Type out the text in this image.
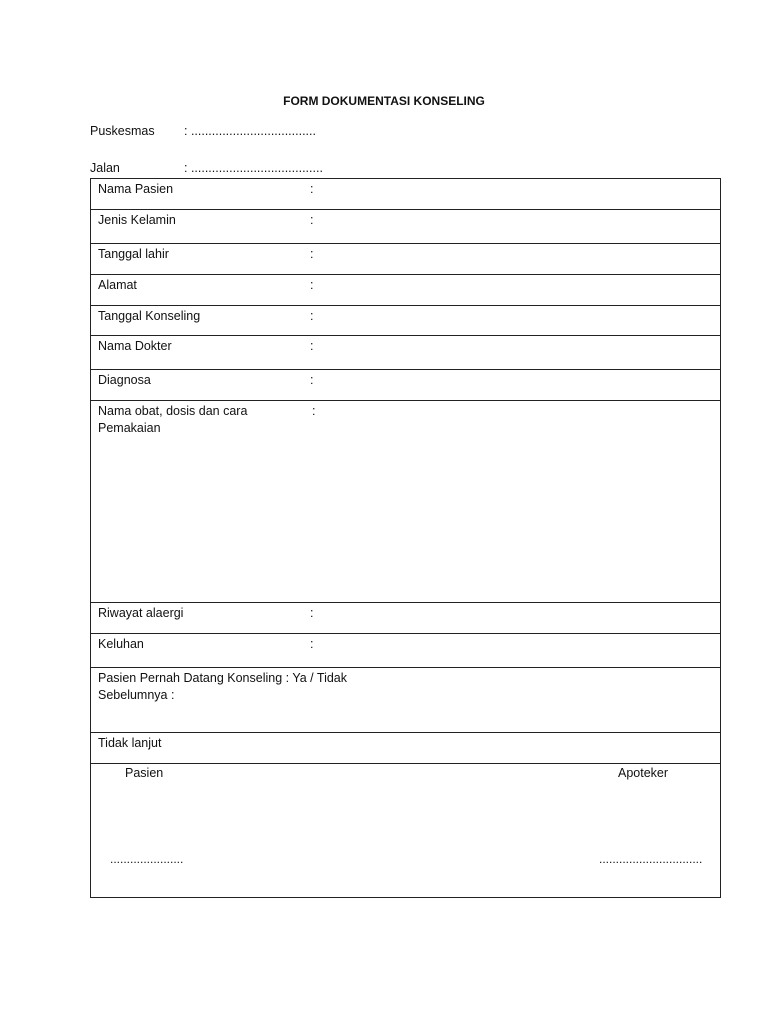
FORM DOKUMENTASI KONSELING
Puskesmas : ....................................
Jalan	: ......................................
Nama Pasien	:
Jenis Kelamin	:
Tanggal lahir	:
Alamat	:
Tanggal Konseling	:
Nama Dokter	:
Diagnosa	:
Nama obat, dosis dan cara
Pemakaian
:
Riwayat alaergi	:
Keluhan	:
Pasien Pernah Datang Konseling : Ya / Tidak
Sebelumnya :
Tidak lanjut
Pasien	Apoteker
......................	...............................
